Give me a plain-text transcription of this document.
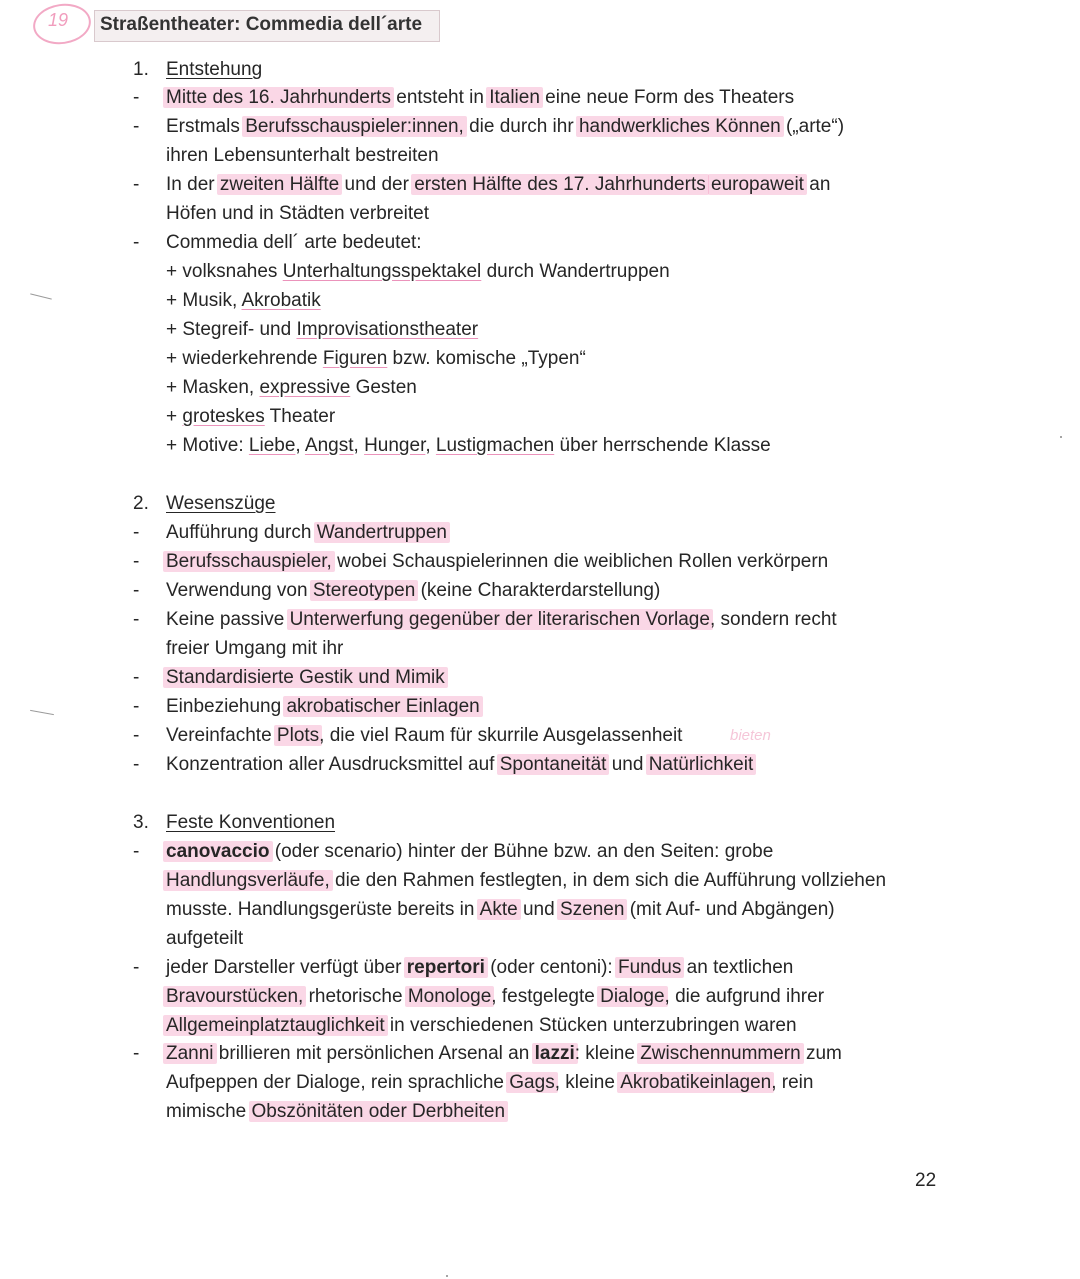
19 Straßentheater: Commedia dell´arte
1. Entstehung
2. Wesenszüge
3. Feste Konventionen
- Mitte des 16. Jahrhunderts entsteht in Italien eine neue Form des Theaters
- Erstmals Berufsschauspieler:innen, die durch ihr handwerkliches Können („arte“)
ihren Lebensunterhalt bestreiten
- In der zweiten Hälfte und der ersten Hälfte des 17. Jahrhunderts europaweit an
Höfen und in Städten verbreitet
- Commedia dell´ arte bedeutet:
+ volksnahes Unterhaltungsspektakel durch Wandertruppen
+ Musik, Akrobatik
+ Stegreif- und Improvisationstheater
+ wiederkehrende Figuren bzw. komische „Typen“
+ Masken, expressive Gesten
+ groteskes Theater
+ Motive: Liebe, Angst, Hunger, Lustigmachen über herrschende Klasse
- Aufführung durch Wandertruppen
- Berufsschauspieler, wobei Schauspielerinnen die weiblichen Rollen verkörpern
- Verwendung von Stereotypen (keine Charakterdarstellung)
- Keine passive Unterwerfung gegenüber der literarischen Vorlage, sondern recht
freier Umgang mit ihr
- Standardisierte Gestik und Mimik
- Einbeziehung akrobatischer Einlagen
- Vereinfachte Plots, die viel Raum für skurrile Ausgelassenheit
- Konzentration aller Ausdrucksmittel auf Spontaneität und Natürlichkeit
- canovaccio (oder scenario) hinter der Bühne bzw. an den Seiten: grobe
Handlungsverläufe, die den Rahmen festlegten, in dem sich die Aufführung vollziehen
musste. Handlungsgerüste bereits in Akte und Szenen (mit Auf- und Abgängen)
aufgeteilt
- jeder Darsteller verfügt über repertori (oder centoni): Fundus an textlichen
Bravourstücken, rhetorische Monologe, festgelegte Dialoge, die aufgrund ihrer
Allgemeinplatztauglichkeit in verschiedenen Stücken unterzubringen waren
- Zanni brillieren mit persönlichen Arsenal an lazzi: kleine Zwischennummern zum
Aufpeppen der Dialoge, rein sprachliche Gags, kleine Akrobatikeinlagen, rein
mimische Obszönitäten oder Derbheiten
bieten
22
